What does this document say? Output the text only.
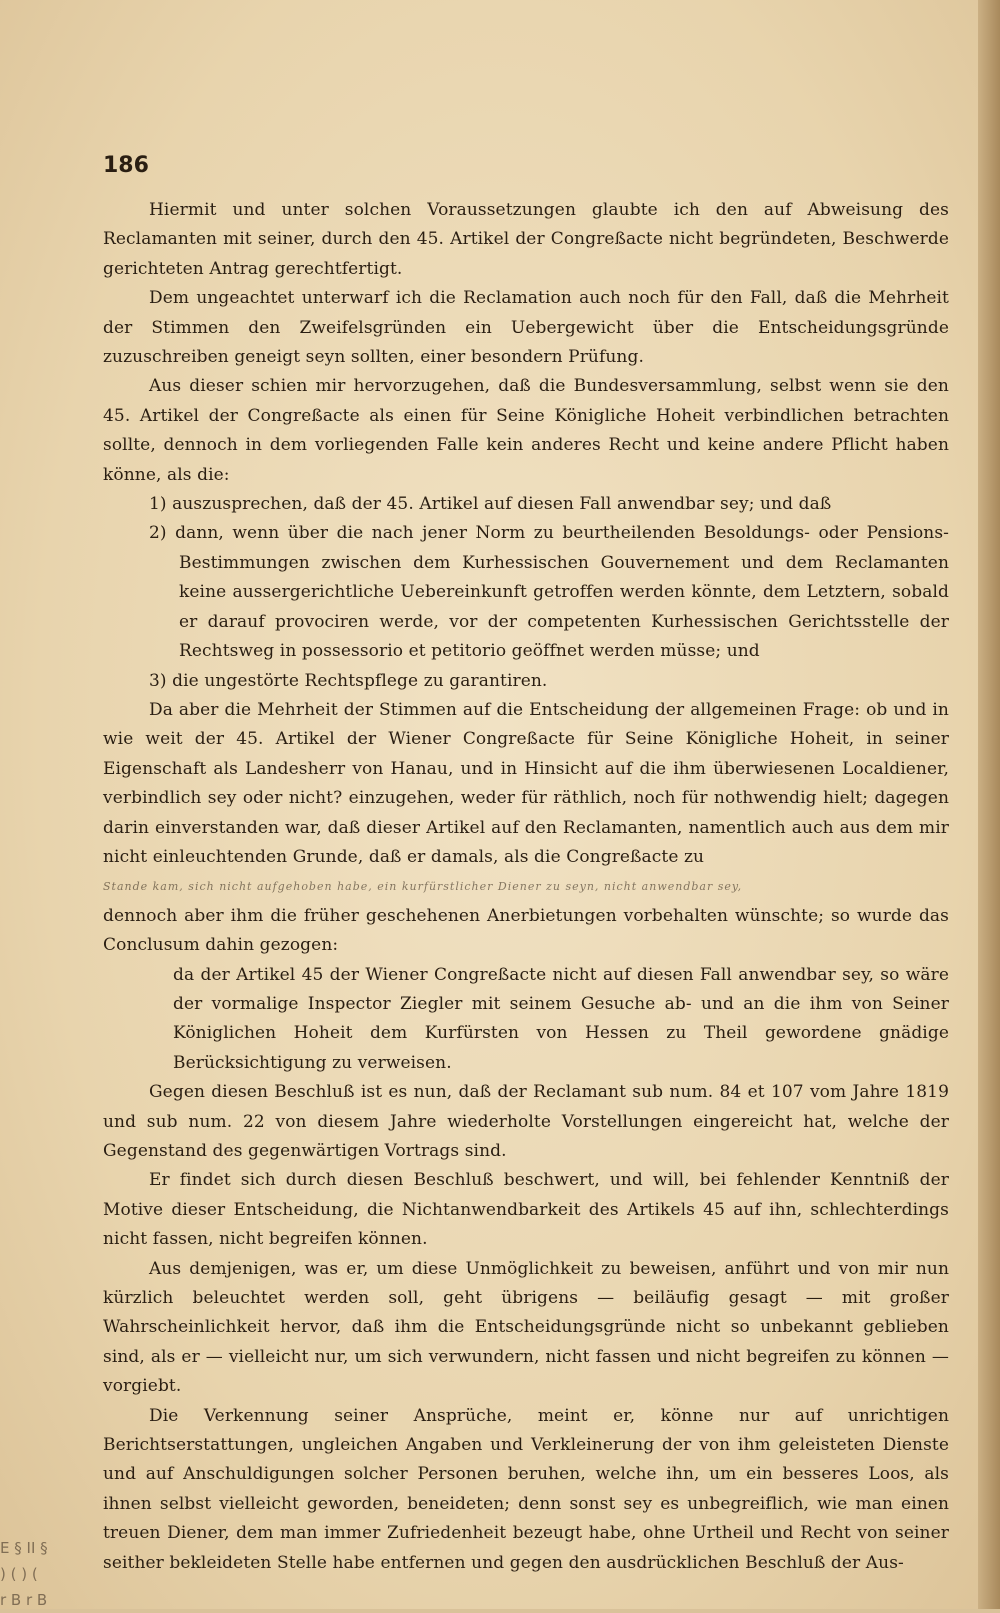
186

Hiermit und unter solchen Voraussetzungen glaubte ich den auf Abweisung des Reclamanten mit seiner, durch den 45. Artikel der Congreßacte nicht begründeten, Beschwerde gerichteten Antrag gerechtfertigt.

Dem ungeachtet unterwarf ich die Reclamation auch noch für den Fall, daß die Mehrheit der Stimmen den Zweifelsgründen ein Uebergewicht über die Entscheidungsgründe zuzuschreiben geneigt seyn sollten, einer besondern Prüfung.

Aus dieser schien mir hervorzugehen, daß die Bundesversammlung, selbst wenn sie den 45. Artikel der Congreßacte als einen für Seine Königliche Hoheit verbindlichen betrachten sollte, dennoch in dem vorliegenden Falle kein anderes Recht und keine andere Pflicht haben könne, als die:

1) auszusprechen, daß der 45. Artikel auf diesen Fall anwendbar sey; und daß

2) dann, wenn über die nach jener Norm zu beurtheilenden Besoldungs- oder Pensions-Bestimmungen zwischen dem Kurhessischen Gouvernement und dem Reclamanten keine aussergerichtliche Uebereinkunft getroffen werden könnte, dem Letztern, sobald er darauf provociren werde, vor der competenten Kurhessischen Gerichtsstelle der Rechtsweg in possessorio et petitorio geöffnet werden müsse; und

3) die ungestörte Rechtspflege zu garantiren.

Da aber die Mehrheit der Stimmen auf die Entscheidung der allgemeinen Frage: ob und in wie weit der 45. Artikel der Wiener Congreßacte für Seine Königliche Hoheit, in seiner Eigenschaft als Landesherr von Hanau, und in Hinsicht auf die ihm überwiesenen Localdiener, verbindlich sey oder nicht? einzugehen, weder für räthlich, noch für nothwendig hielt; dagegen darin einverstanden war, daß dieser Artikel auf den Reclamanten, namentlich auch aus dem mir nicht einleuchtenden Grunde, daß er damals, als die Congreßacte zu

Stande kam, sich nicht aufgehoben habe, ein kurfürstlicher Diener zu seyn, nicht anwendbar sey,

dennoch aber ihm die früher geschehenen Anerbietungen vorbehalten wünschte; so wurde das Conclusum dahin gezogen:

da der Artikel 45 der Wiener Congreßacte nicht auf diesen Fall anwendbar sey, so wäre der vormalige Inspector Ziegler mit seinem Gesuche ab- und an die ihm von Seiner Königlichen Hoheit dem Kurfürsten von Hessen zu Theil gewordene gnädige Berücksichtigung zu verweisen.

Gegen diesen Beschluß ist es nun, daß der Reclamant sub num. 84 et 107 vom Jahre 1819 und sub num. 22 von diesem Jahre wiederholte Vorstellungen eingereicht hat, welche der Gegenstand des gegenwärtigen Vortrags sind.

Er findet sich durch diesen Beschluß beschwert, und will, bei fehlender Kenntniß der Motive dieser Entscheidung, die Nichtanwendbarkeit des Artikels 45 auf ihn, schlechterdings nicht fassen, nicht begreifen können.

Aus demjenigen, was er, um diese Unmöglichkeit zu beweisen, anführt und von mir nun kürzlich beleuchtet werden soll, geht übrigens — beiläufig gesagt — mit großer Wahrscheinlichkeit hervor, daß ihm die Entscheidungsgründe nicht so unbekannt geblieben sind, als er — vielleicht nur, um sich verwundern, nicht fassen und nicht begreifen zu können — vorgiebt.

Die Verkennung seiner Ansprüche, meint er, könne nur auf unrichtigen Berichtserstattungen, ungleichen Angaben und Verkleinerung der von ihm geleisteten Dienste und auf Anschuldigungen solcher Personen beruhen, welche ihn, um ein besseres Loos, als ihnen selbst vielleicht geworden, beneideten; denn sonst sey es unbegreiflich, wie man einen treuen Diener, dem man immer Zufriedenheit bezeugt habe, ohne Urtheil und Recht von seiner seither bekleideten Stelle habe entfernen und gegen den ausdrücklichen Beschluß der Aus-

E § II §
) ( ) (
r B r B
